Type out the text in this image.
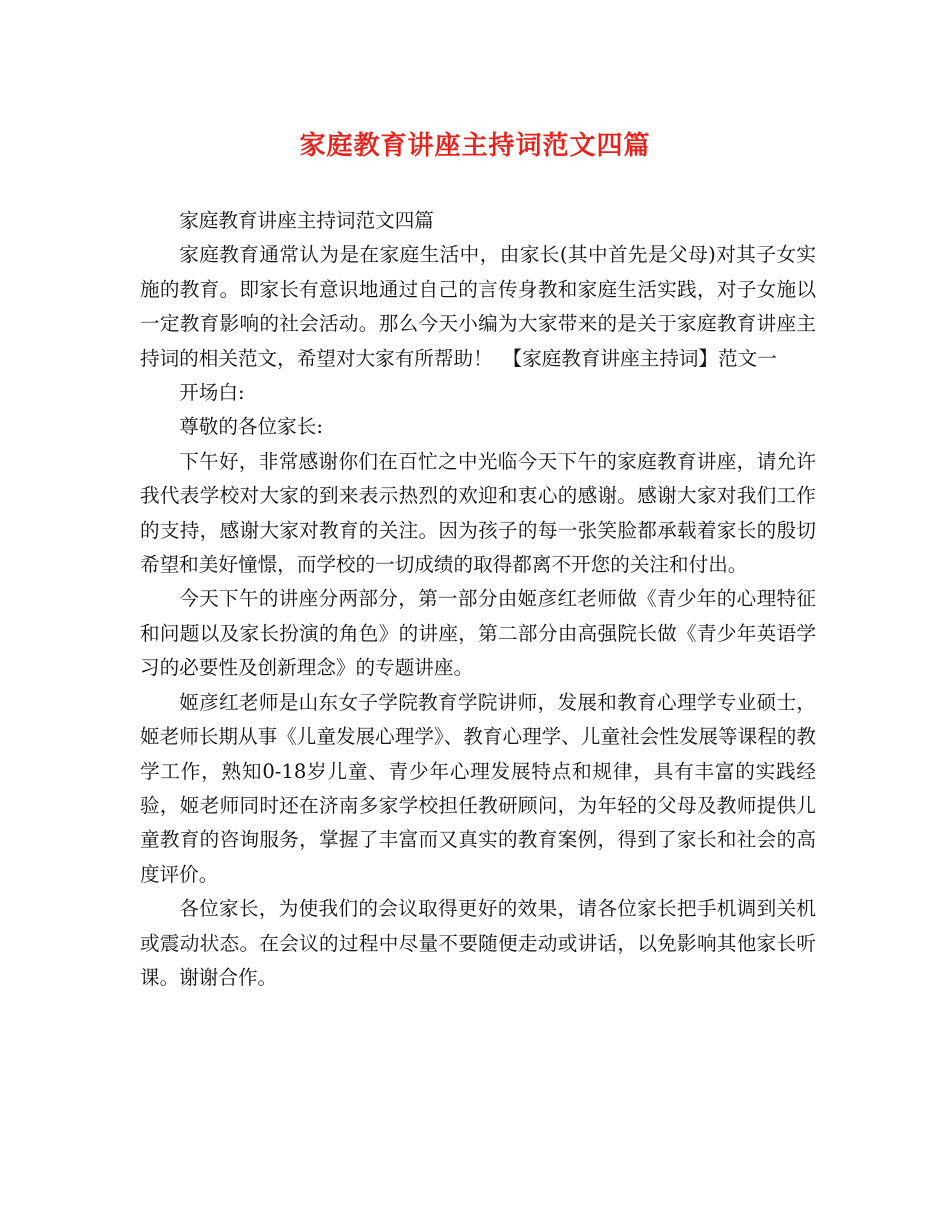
家庭教育讲座主持词范文四篇

家庭教育讲座主持词范文四篇

家庭教育通常认为是在家庭生活中，由家长(其中首先是父母)对其子女实施的教育。即家长有意识地通过自己的言传身教和家庭生活实践，对子女施以一定教育影响的社会活动。那么今天小编为大家带来的是关于家庭教育讲座主持词的相关范文，希望对大家有所帮助！　【家庭教育讲座主持词】范文一

开场白:

尊敬的各位家长:

下午好，非常感谢你们在百忙之中光临今天下午的家庭教育讲座，请允许我代表学校对大家的到来表示热烈的欢迎和衷心的感谢。感谢大家对我们工作的支持，感谢大家对教育的关注。因为孩子的每一张笑脸都承载着家长的殷切希望和美好憧憬，而学校的一切成绩的取得都离不开您的关注和付出。

今天下午的讲座分两部分，第一部分由姬彦红老师做《青少年的心理特征和问题以及家长扮演的角色》的讲座，第二部分由高强院长做《青少年英语学习的必要性及创新理念》的专题讲座。

姬彦红老师是山东女子学院教育学院讲师，发展和教育心理学专业硕士，姬老师长期从事《儿童发展心理学》、教育心理学、儿童社会性发展等课程的教学工作，熟知0-18岁儿童、青少年心理发展特点和规律，具有丰富的实践经验，姬老师同时还在济南多家学校担任教研顾问，为年轻的父母及教师提供儿童教育的咨询服务，掌握了丰富而又真实的教育案例，得到了家长和社会的高度评价。

各位家长，为使我们的会议取得更好的效果，请各位家长把手机调到关机或震动状态。在会议的过程中尽量不要随便走动或讲话，以免影响其他家长听课。谢谢合作。
